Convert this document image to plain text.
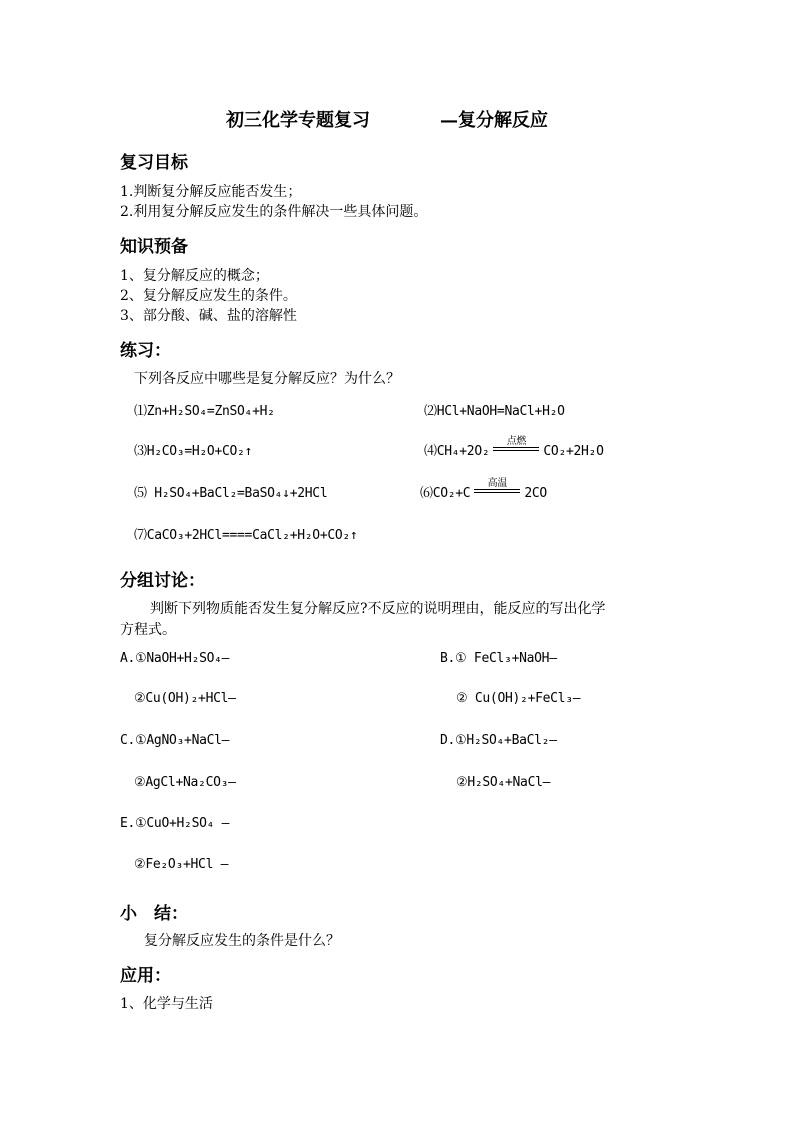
初三化学专题复习	—复分解反应
复习目标
1.判断复分解反应能否发生；
2.利用复分解反应发生的条件解决一些具体问题。
知识预备
1、复分解反应的概念；
2、复分解反应发生的条件。
3、部分酸、碱、盐的溶解性
练习：
下列各反应中哪些是复分解反应？为什么？
⑴Zn+H₂SO₄=ZnSO₄+H₂	⑵HCl+NaOH=NaCl+H₂O
⑶H₂CO₃=H₂O+CO₂↑	⑷CH₄+2O₂
点燃
CO₂+2H₂O
⑸ H₂SO₄+BaCl₂=BaSO₄↓+2HCl	⑹CO₂+C
高温
2CO
⑺CaCO₃+2HCl====CaCl₂+H₂O+CO₂↑
分组讨论：
判断下列物质能否发生复分解反应?不反应的说明理由，能反应的写出化学
方程式。
A.①NaOH+H₂SO₄—	B.① FeCl₃+NaOH—
②Cu(OH)₂+HCl—	② Cu(OH)₂+FeCl₃—
C.①AgNO₃+NaCl—	D.①H₂SO₄+BaCl₂—
②AgCl+Na₂CO₃—	②H₂SO₄+NaCl—
E.①CuO+H₂SO₄ —
②Fe₂O₃+HCl —
小　结：
复分解反应发生的条件是什么？
应用：
1、化学与生活
